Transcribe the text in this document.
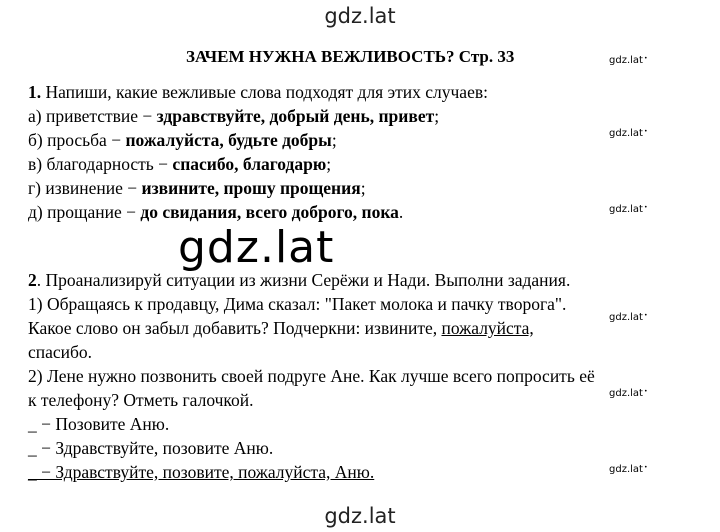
gdz.lat
ЗАЧЕМ НУЖНА ВЕЖЛИВОСТЬ? Стр. 33	gdz.lat •
1. Напиши, какие вежливые слова подходят для этих случаев:
а) приветствие − здравствуйте, добрый день, привет;
б) просьба − пожалуйста, будьте добры;	gdz.lat •
в) благодарность − спасибо, благодарю;
г) извинение − извините, прошу прощения;
д) прощание − до свидания, всего доброго, пока.	gdz.lat •
gdz.lat
2. Проанализируй ситуации из жизни Серёжи и Нади. Выполни задания.
1) Обращаясь к продавцу, Дима сказал: "Пакет молока и пачку творога".
Какое слово он забыл добавить? Подчеркни: извините, пожалуйста,
gdz.lat •
спасибо.
2) Лене нужно позвонить своей подруге Ане. Как лучше всего попросить её
к телефону? Отметь галочкой.	gdz.lat •
_ − Позовите Аню.
_ − Здравствуйте, позовите Аню.
_ − Здравствуйте, позовите, пожалуйста, Аню.	gdz.lat •
gdz.lat
